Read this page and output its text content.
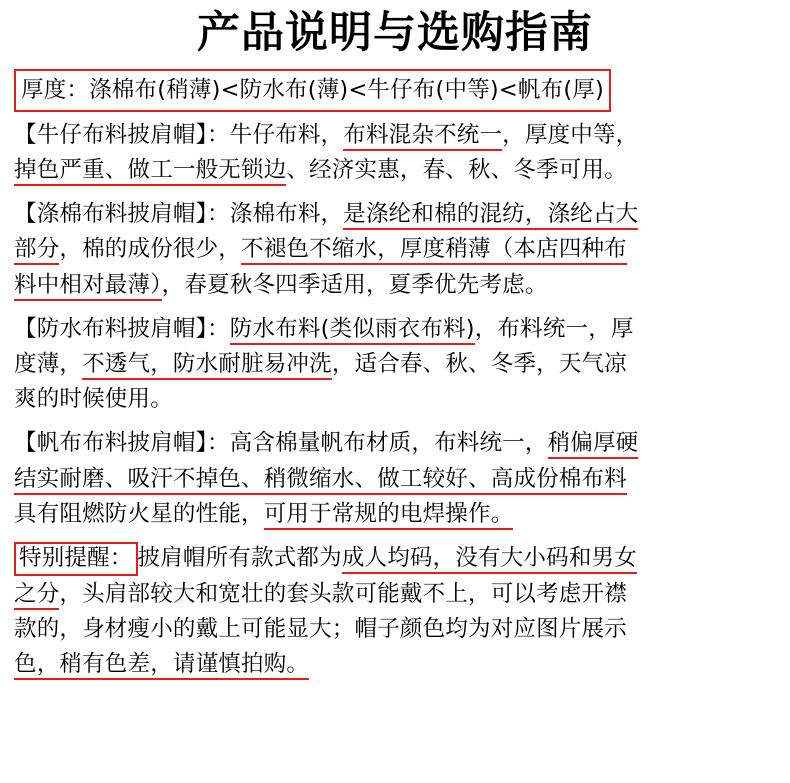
产品说明与选购指南
厚度：涤棉布(稍薄)<防水布(薄)<牛仔布(中等)<帆布(厚)
【牛仔布料披肩帽】：牛仔布料，布料混杂不统一，厚度中等，
掉色严重、做工一般无锁边、经济实惠，春、秋、冬季可用。
【涤棉布料披肩帽】：涤棉布料，是涤纶和棉的混纺，涤纶占大
部分，棉的成份很少，不褪色不缩水，厚度稍薄（本店四种布
料中相对最薄），春夏秋冬四季适用，夏季优先考虑。
【防水布料披肩帽】：防水布料(类似雨衣布料)，布料统一，厚
度薄，不透气，防水耐脏易冲洗，适合春、秋、冬季，天气凉
爽的时候使用。
【帆布布料披肩帽】：高含棉量帆布材质，布料统一，稍偏厚硬
结实耐磨、吸汗不掉色、稍微缩水、做工较好、高成份棉布料
具有阻燃防火星的性能，可用于常规的电焊操作。
特别提醒： 披肩帽所有款式都为成人均码，没有大小码和男女
之分，头肩部较大和宽壮的套头款可能戴不上，可以考虑开襟
款的，身材瘦小的戴上可能显大；帽子颜色均为对应图片展示
色，稍有色差，请谨慎拍购。
